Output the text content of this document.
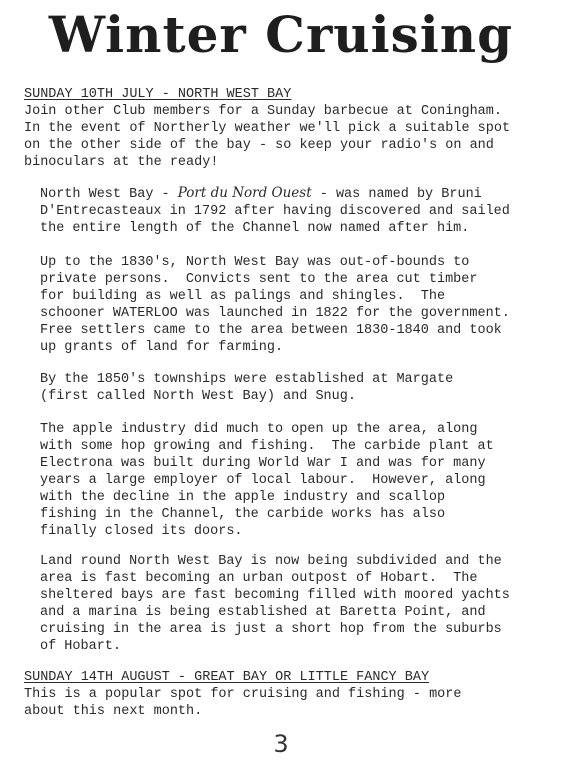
Winter Cruising
SUNDAY 10TH JULY - NORTH WEST BAY

Join other Club members for a Sunday barbecue at Coningham.
In the event of Northerly weather we'll pick a suitable spot
on the other side of the bay - so keep your radio's on and
binoculars at the ready!

North West Bay - Port du Nord Ouest - was named by Bruni
D'Entrecasteaux in 1792 after having discovered and sailed
the entire length of the Channel now named after him.

Up to the 1830's, North West Bay was out-of-bounds to
private persons.  Convicts sent to the area cut timber
for building as well as palings and shingles.  The
schooner WATERLOO was launched in 1822 for the government.
Free settlers came to the area between 1830-1840 and took
up grants of land for farming.

By the 1850's townships were established at Margate
(first called North West Bay) and Snug.

The apple industry did much to open up the area, along
with some hop growing and fishing.  The carbide plant at
Electrona was built during World War I and was for many
years a large employer of local labour.  However, along
with the decline in the apple industry and scallop
fishing in the Channel, the carbide works has also
finally closed its doors.

Land round North West Bay is now being subdivided and the
area is fast becoming an urban outpost of Hobart.  The
sheltered bays are fast becoming filled with moored yachts
and a marina is being established at Baretta Point, and
cruising in the area is just a short hop from the suburbs
of Hobart.

SUNDAY 14TH AUGUST - GREAT BAY OR LITTLE FANCY BAY

This is a popular spot for cruising and fishing - more
about this next month.

3
